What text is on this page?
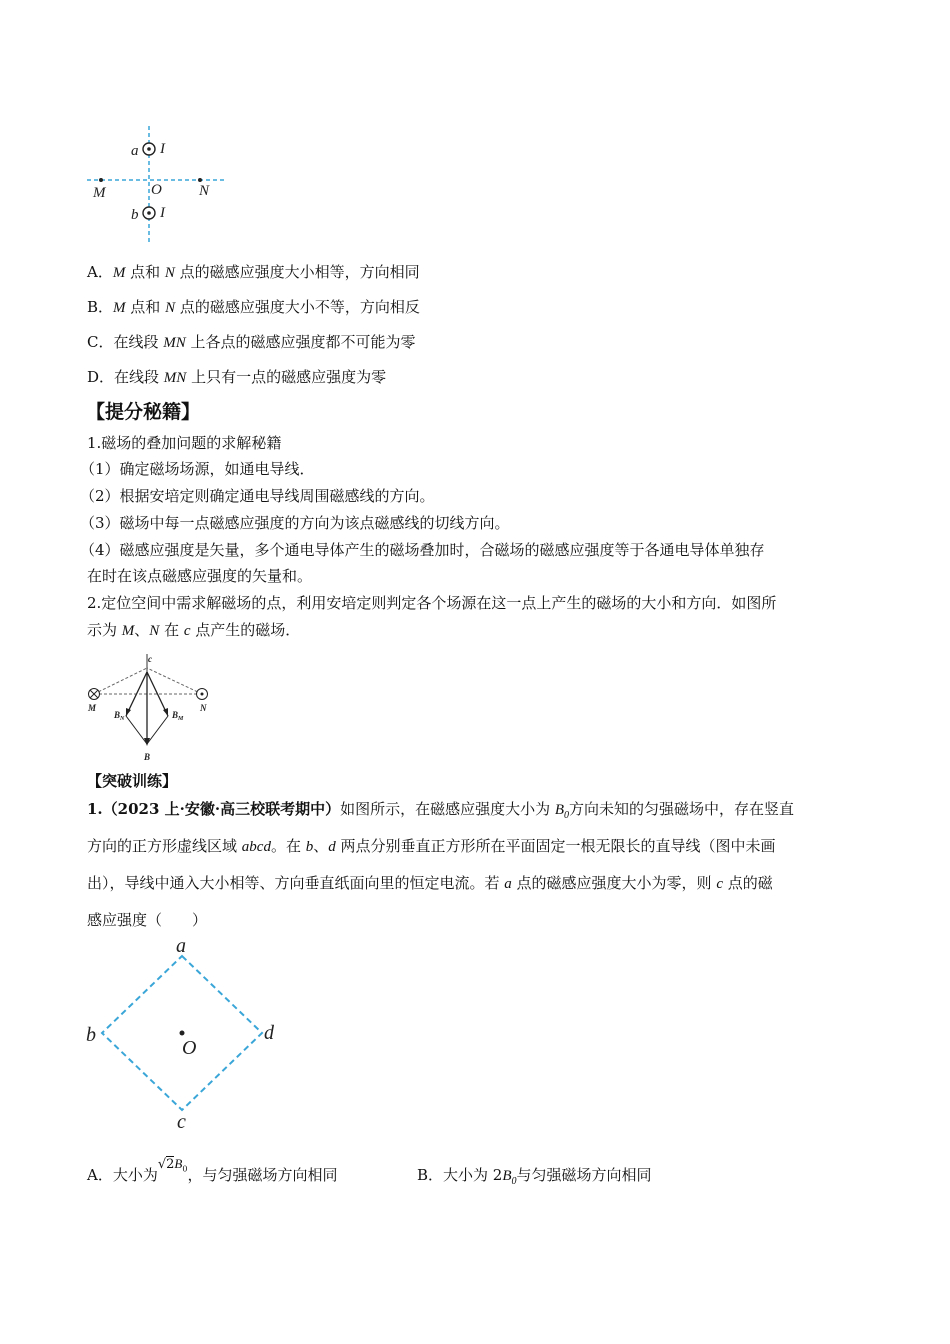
a I
M	O N
b I
A．M 点和 N 点的磁感应强度大小相等，方向相同
B．M 点和 N 点的磁感应强度大小不等，方向相反
C．在线段 MN 上各点的磁感应强度都不可能为零
D．在线段 MN 上只有一点的磁感应强度为零
【提分秘籍】
1.磁场的叠加问题的求解秘籍
（1）确定磁场场源，如通电导线．
（2）根据安培定则确定通电导线周围磁感线的方向。
（3）磁场中每一点磁感应强度的方向为该点磁感线的切线方向。
（4）磁感应强度是矢量，多个通电导体产生的磁场叠加时，合磁场的磁感应强度等于各通电导体单独存
在时在该点磁感应强度的矢量和。
2.定位空间中需求解磁场的点，利用安培定则判定各个场源在这一点上产生的磁场的大小和方向．如图所
示为 M、N 在 c 点产生的磁场．
c
M	N
$B_N$	$B_M$
B
【突破训练】
1.（2023 上·安徽·高三校联考期中）如图所示，在磁感应强度大小为 $B_0$方向未知的匀强磁场中，存在竖直
方向的正方形虚线区域 abcd。在 b、d 两点分别垂直正方形所在平面固定一根无限长的直导线（图中未画
出），导线中通入大小相等、方向垂直纸面向里的恒定电流。若 a 点的磁感应强度大小为零，则 c 点的磁
感应强度（　　）
a
b	d
c
O
A．大小为$√2B_0$，与匀强磁场方向相同	B．大小为 $2B_0$与匀强磁场方向相同
